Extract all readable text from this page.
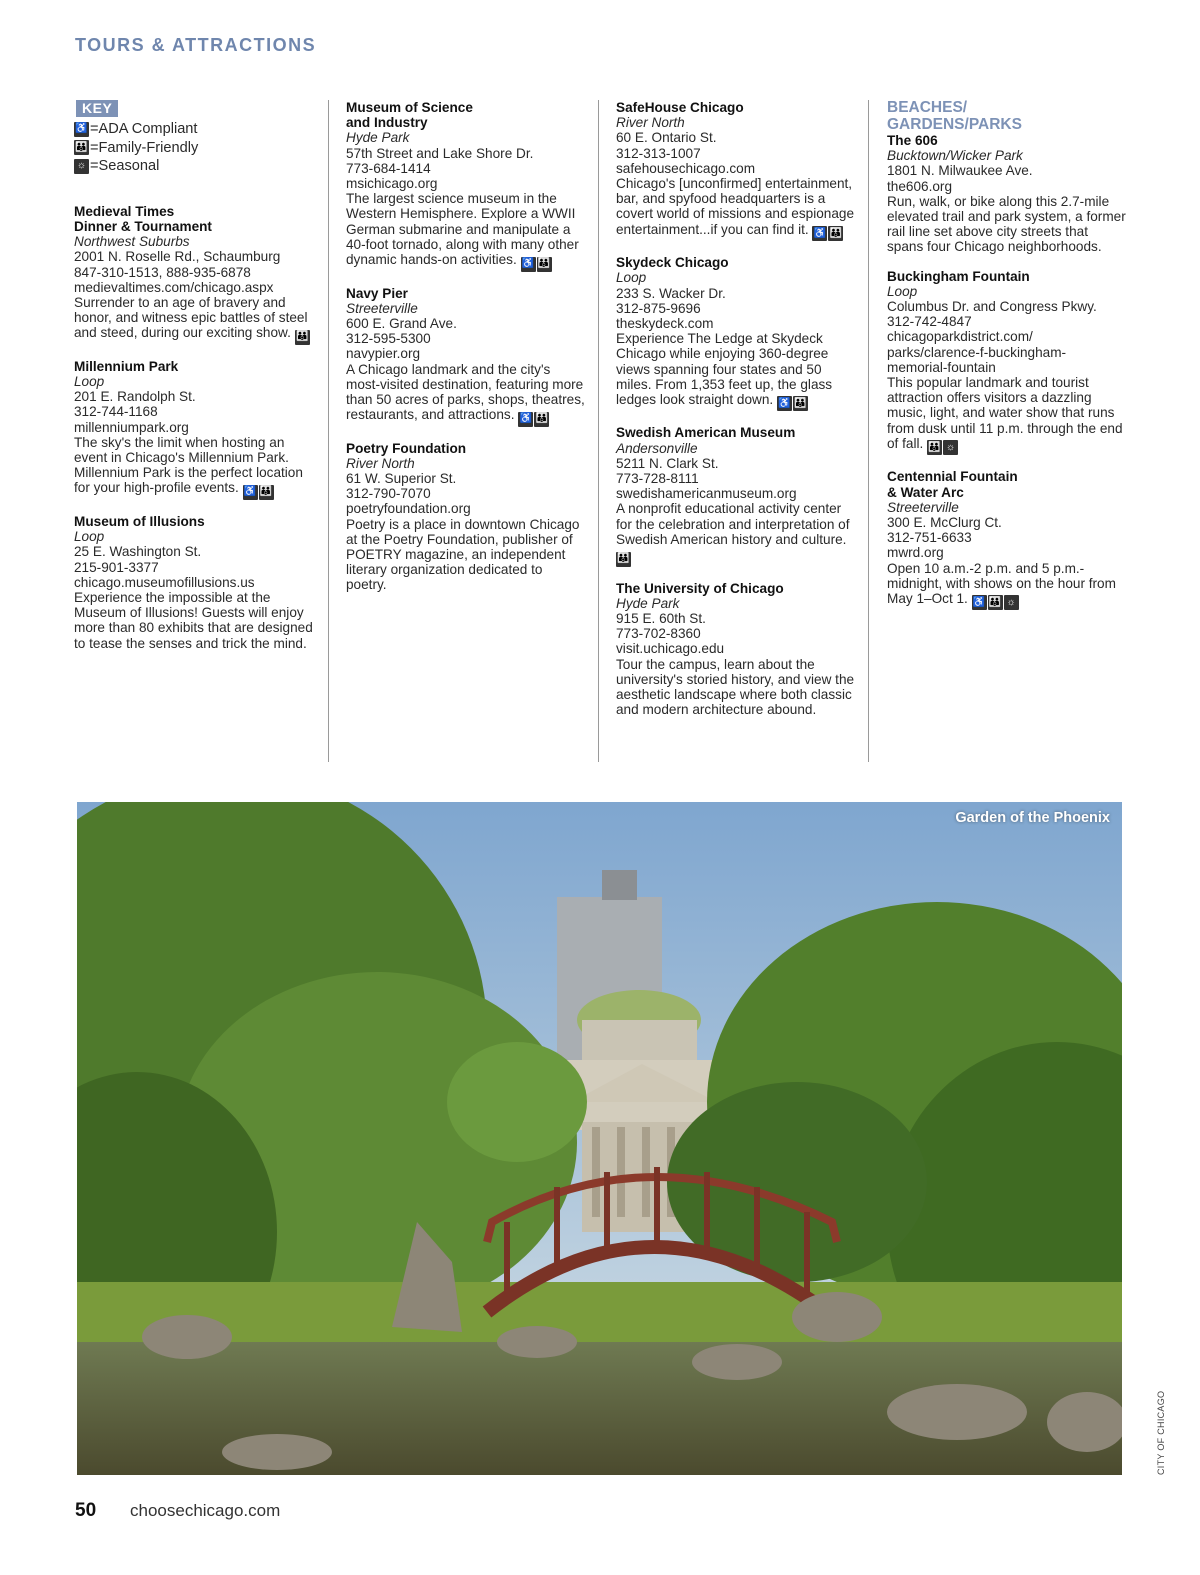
TOURS & ATTRACTIONS
KEY
♿ =ADA Compliant
👪 =Family-Friendly
☼ =Seasonal
Medieval Times
Dinner & Tournament
Northwest Suburbs
2001 N. Roselle Rd., Schaumburg
847-310-1513, 888-935-6878
medievaltimes.com/chicago.aspx
Surrender to an age of bravery and honor, and witness epic battles of steel and steed, during our exciting show. 👪
Millennium Park
Loop
201 E. Randolph St.
312-744-1168
millenniumpark.org
The sky's the limit when hosting an event in Chicago's Millennium Park. Millennium Park is the perfect location for your high-profile events. ♿ 👪
Museum of Illusions
Loop
25 E. Washington St.
215-901-3377
chicago.museumofillusions.us
Experience the impossible at the Museum of Illusions! Guests will enjoy more than 80 exhibits that are designed to tease the senses and trick the mind.
Museum of Science
and Industry
Hyde Park
57th Street and Lake Shore Dr.
773-684-1414
msichicago.org
The largest science museum in the Western Hemisphere. Explore a WWII German submarine and manipulate a 40-foot tornado, along with many other dynamic hands-on activities. ♿ 👪
Navy Pier
Streeterville
600 E. Grand Ave.
312-595-5300
navypier.org
A Chicago landmark and the city's most-visited destination, featuring more than 50 acres of parks, shops, theatres, restaurants, and attractions. ♿ 👪
Poetry Foundation
River North
61 W. Superior St.
312-790-7070
poetryfoundation.org
Poetry is a place in downtown Chicago at the Poetry Foundation, publisher of POETRY magazine, an independent literary organization dedicated to poetry.
SafeHouse Chicago
River North
60 E. Ontario St.
312-313-1007
safehousechicago.com
Chicago's [unconfirmed] entertainment, bar, and spyfood headquarters is a covert world of missions and espionage entertainment...if you can find it. ♿ 👪
Skydeck Chicago
Loop
233 S. Wacker Dr.
312-875-9696
theskydeck.com
Experience The Ledge at Skydeck Chicago while enjoying 360-degree views spanning four states and 50 miles. From 1,353 feet up, the glass ledges look straight down. ♿ 👪
Swedish American Museum
Andersonville
5211 N. Clark St.
773-728-8111
swedishamericanmuseum.org
A nonprofit educational activity center for the celebration and interpretation of Swedish American history and culture. 👪
The University of Chicago
Hyde Park
915 E. 60th St.
773-702-8360
visit.uchicago.edu
Tour the campus, learn about the university's storied history, and view the aesthetic landscape where both classic and modern architecture abound.
BEACHES/
GARDENS/PARKS
The 606
Bucktown/Wicker Park
1801 N. Milwaukee Ave.
the606.org
Run, walk, or bike along this 2.7-mile elevated trail and park system, a former rail line set above city streets that spans four Chicago neighborhoods.
Buckingham Fountain
Loop
Columbus Dr. and Congress Pkwy.
312-742-4847
chicagoparkdistrict.com/
parks/clarence-f-buckingham-
memorial-fountain
This popular landmark and tourist attraction offers visitors a dazzling music, light, and water show that runs from dusk until 11 p.m. through the end of fall. 👪 ☼
Centennial Fountain
& Water Arc
Streeterville
300 E. McClurg Ct.
312-751-6633
mwrd.org
Open 10 a.m.-2 p.m. and 5 p.m.-midnight, with shows on the hour from May 1–Oct 1. ♿ 👪 ☼
Garden of the Phoenix
CITY OF CHICAGO
50 choosechicago.com
